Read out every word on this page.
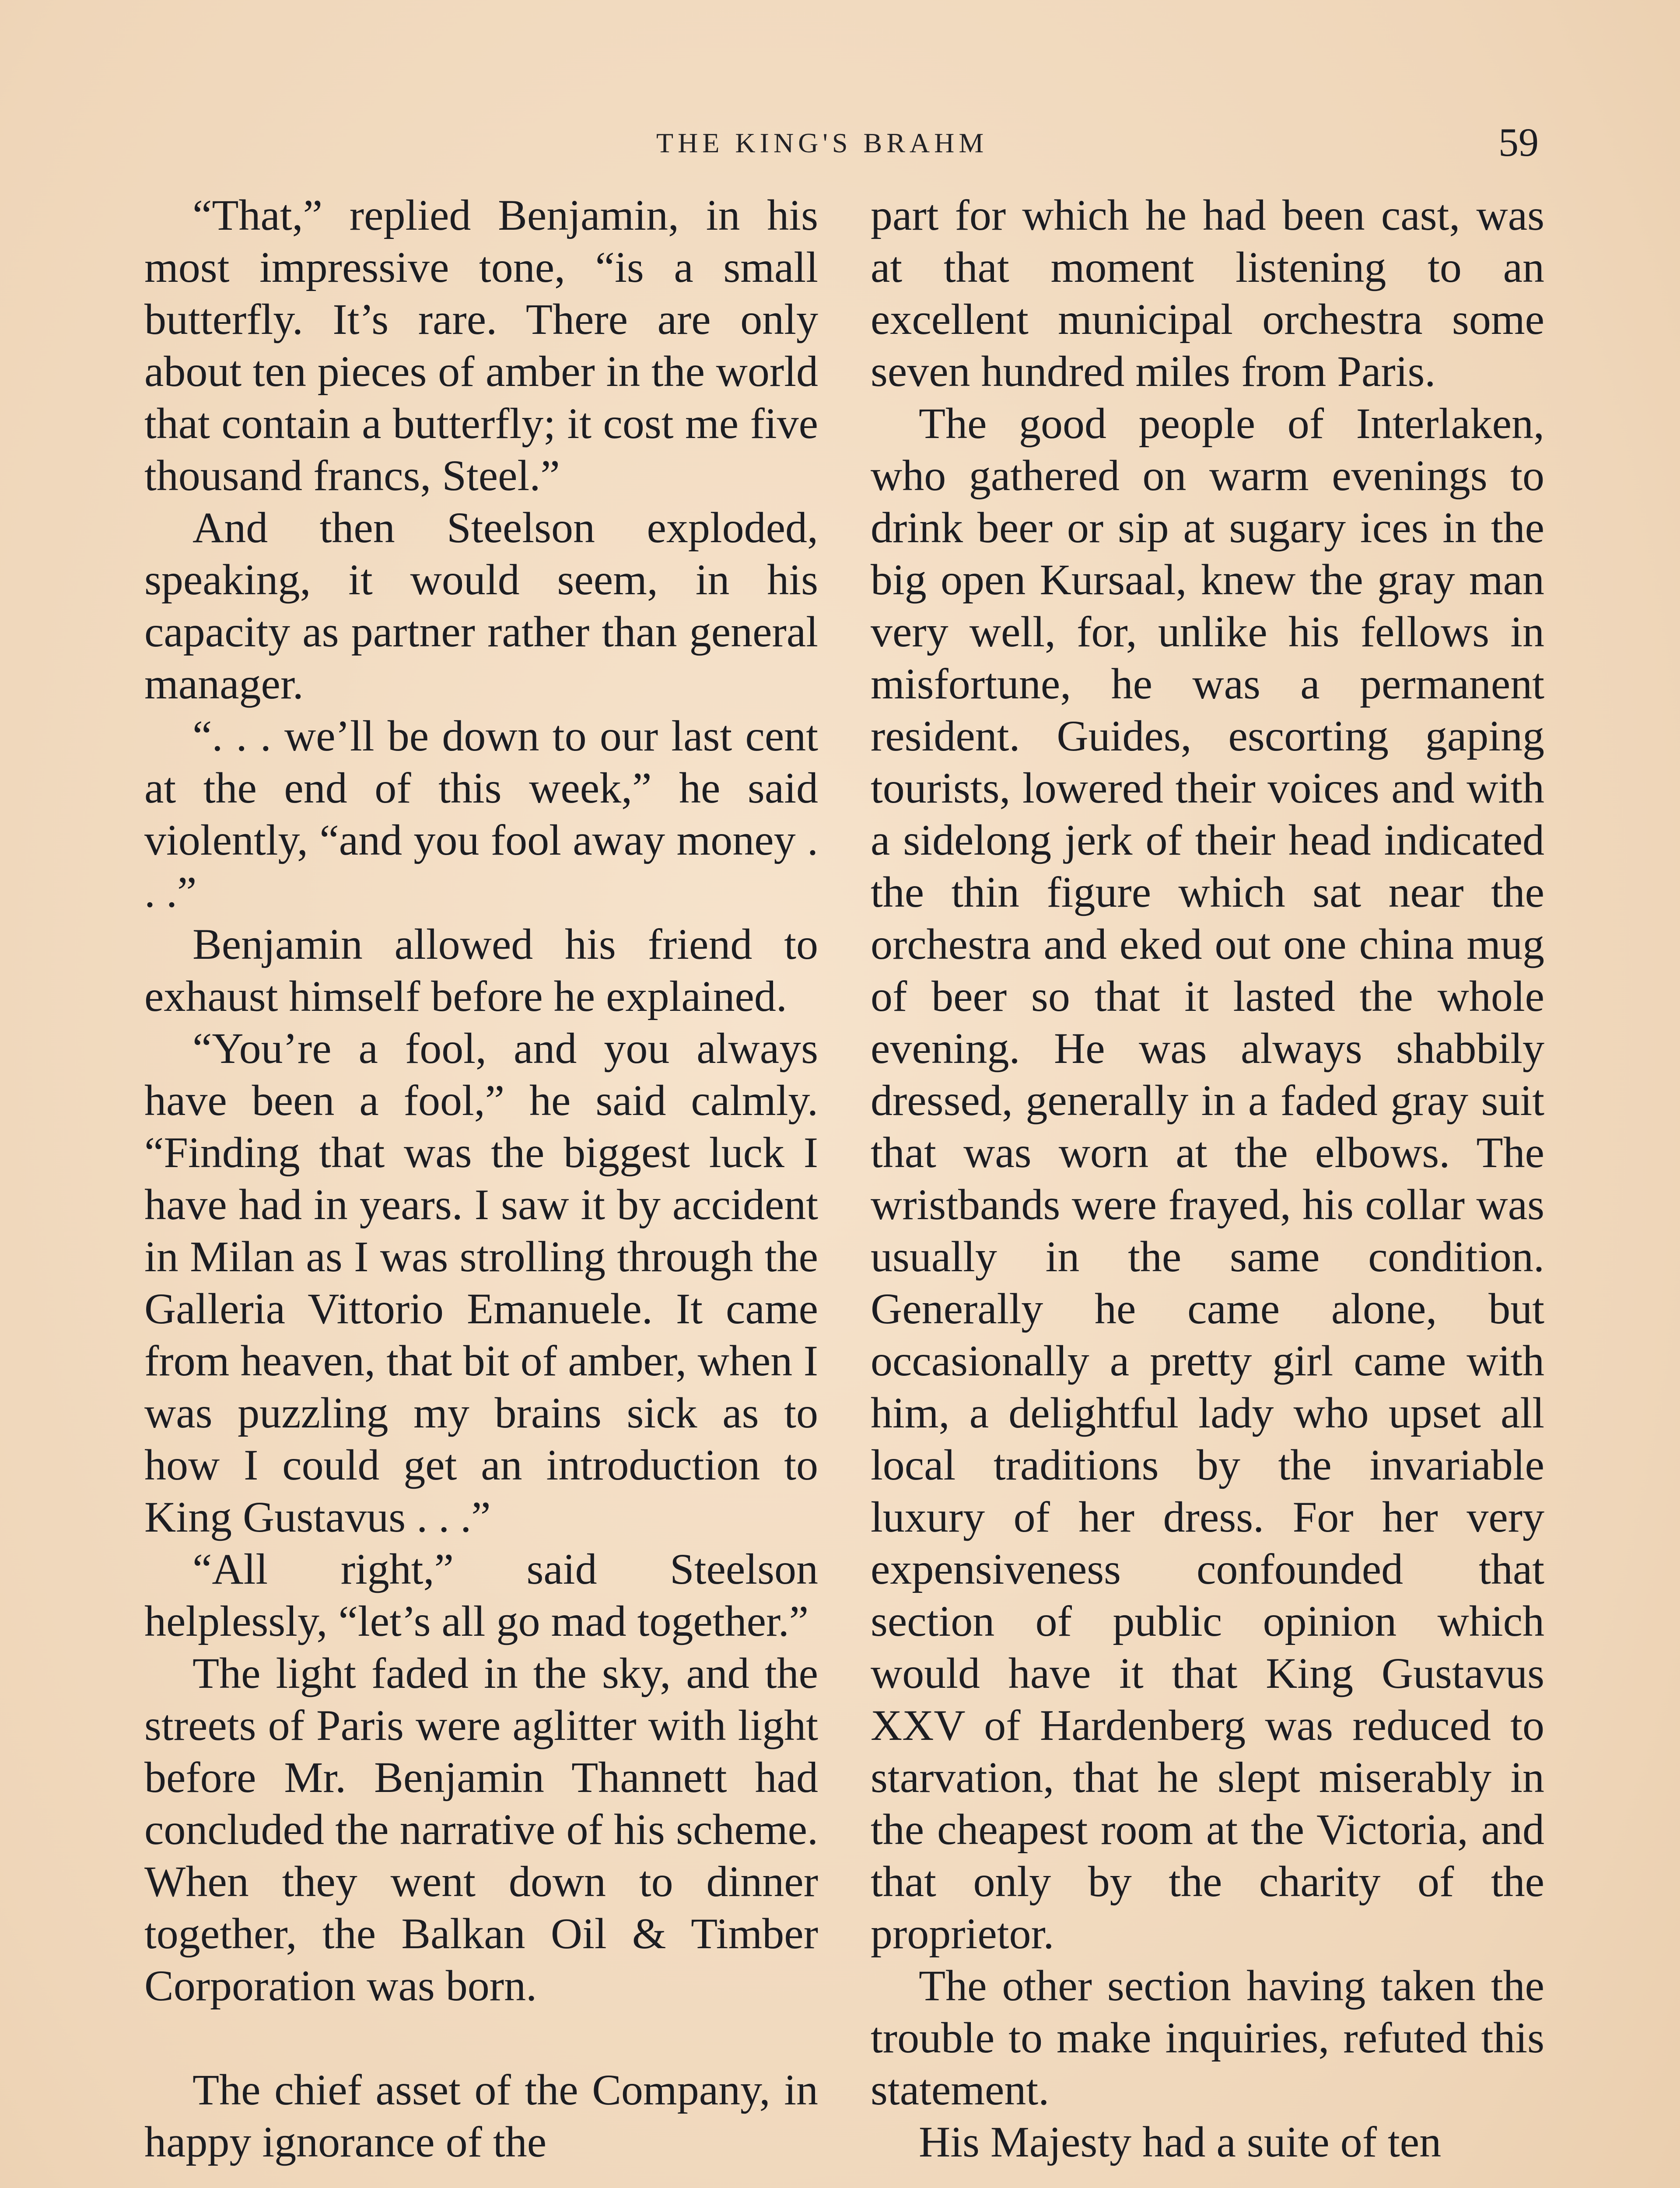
THE KING'S BRAHM	59

“That,” replied Benjamin, in his most impressive tone, “is a small butterfly. It’s rare. There are only about ten pieces of amber in the world that contain a butterfly; it cost me five thousand francs, Steel.”

And then Steelson exploded, speaking, it would seem, in his capacity as partner rather than general manager.

“. . . we’ll be down to our last cent at the end of this week,” he said violently, “and you fool away money . . .”

Benjamin allowed his friend to exhaust himself before he explained.

“You’re a fool, and you always have been a fool,” he said calmly. “Finding that was the biggest luck I have had in years. I saw it by accident in Milan as I was strolling through the Galleria Vittorio Emanuele. It came from heaven, that bit of amber, when I was puzzling my brains sick as to how I could get an introduction to King Gustavus . . .”

“All right,” said Steelson helplessly, “let’s all go mad together.”

The light faded in the sky, and the streets of Paris were aglitter with light before Mr. Benjamin Thannett had concluded the narrative of his scheme. When they went down to dinner together, the Balkan Oil & Timber Corporation was born.

The chief asset of the Company, in happy ignorance of the

part for which he had been cast, was at that moment listening to an excellent municipal orchestra some seven hundred miles from Paris.

The good people of Interlaken, who gathered on warm evenings to drink beer or sip at sugary ices in the big open Kursaal, knew the gray man very well, for, unlike his fellows in misfortune, he was a permanent resident. Guides, escorting gaping tourists, lowered their voices and with a sidelong jerk of their head indicated the thin figure which sat near the orchestra and eked out one china mug of beer so that it lasted the whole evening. He was always shabbily dressed, generally in a faded gray suit that was worn at the elbows. The wristbands were frayed, his collar was usually in the same condition. Generally he came alone, but occasionally a pretty girl came with him, a delightful lady who upset all local traditions by the invariable luxury of her dress. For her very expensiveness confounded that section of public opinion which would have it that King Gustavus XXV of Hardenberg was reduced to starvation, that he slept miserably in the cheapest room at the Victoria, and that only by the charity of the proprietor.

The other section having taken the trouble to make inquiries, refuted this statement.

His Majesty had a suite of ten
